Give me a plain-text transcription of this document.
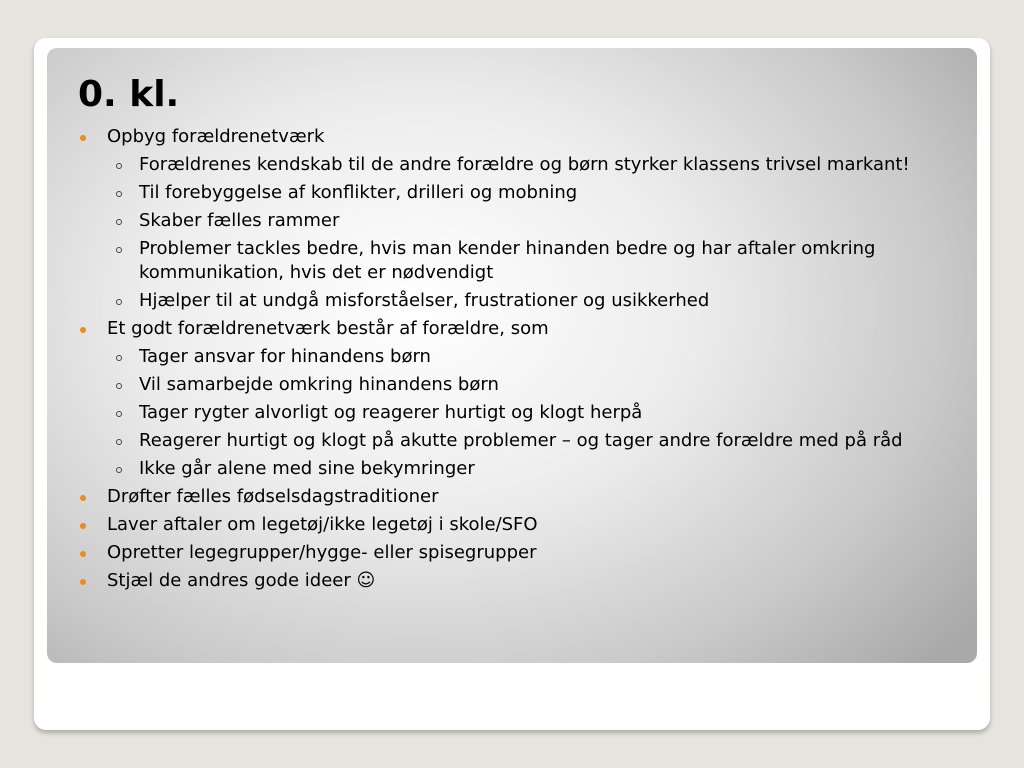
0. kl.
Opbyg forældrenetværk
Forældrenes kendskab til de andre forældre og børn styrker klassens trivsel markant!
Til forebyggelse af konflikter, drilleri og mobning
Skaber fælles rammer
Problemer tackles bedre, hvis man kender hinanden bedre og har aftaler omkring kommunikation, hvis det er nødvendigt
Hjælper til at undgå misforståelser, frustrationer og usikkerhed
Et godt forældrenetværk består af forældre, som
Tager ansvar for hinandens børn
Vil samarbejde omkring hinandens børn
Tager rygter alvorligt og reagerer hurtigt og klogt herpå
Reagerer hurtigt og klogt på akutte problemer – og tager andre forældre med på råd
Ikke går alene med sine bekymringer
Drøfter fælles fødselsdagstraditioner
Laver aftaler om legetøj/ikke legetøj i skole/SFO
Opretter legegrupper/hygge- eller spisegrupper
Stjæl de andres gode ideer ☺
